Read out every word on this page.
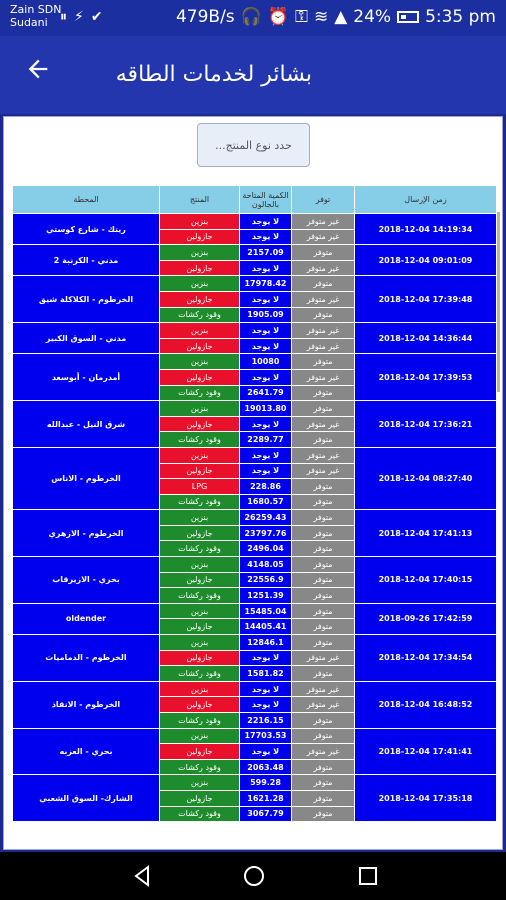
Zain SDN
Sudani ⏸ ⚡ ✔	479B/s 🎧 ⏰ ⚿ ≋ ▲ 24% 5:35 pm
بشائر لخدمات الطاقه
حدد نوع المنتج...
المحطة	المنتج	الكمية المتاحة بالجالون	توفر	زمن الإرسال
ريتك - شارع كوستي	بنزين	لا يوجد	غير متوفر	2018-12-04 14:19:34
	جازولين	لا يوجد	غير متوفر	
مدني - الكرنبة 2	بنزين	2157.09	متوفر	2018-12-04 09:01:09
	جازولين	لا يوجد	غير متوفر	
الخرطوم - الكلاكلة شيق	بنزين	17978.42	متوفر	2018-12-04 17:39:48
	جازولين	لا يوجد	غير متوفر	
	وقود ركشات	1905.09	متوفر	
مدني - السوق الكبير	بنزين	لا يوجد	غير متوفر	2018-12-04 14:36:44
	جازولين	لا يوجد	غير متوفر	
أمدرمان - أبوسعد	بنزين	10080	متوفر	2018-12-04 17:39:53
	جازولين	لا يوجد	غير متوفر	
	وقود ركشات	2641.79	متوفر	
شرق النيل - عبدالله	بنزين	19013.80	متوفر	2018-12-04 17:36:21
	جازولين	لا يوجد	غير متوفر	
	وقود ركشات	2289.77	متوفر	
الخرطوم - الاناس	بنزين	لا يوجد	غير متوفر	2018-12-04 08:27:40
	جازولين	لا يوجد	غير متوفر	
	LPG	228.86	متوفر	
	وقود ركشات	1680.57	متوفر	
الخرطوم - الازهري	بنزين	26259.43	متوفر	2018-12-04 17:41:13
	جازولين	23797.76	متوفر	
	وقود ركشات	2496.04	متوفر	
بحري - الازيرقاب	بنزين	4148.05	متوفر	2018-12-04 17:40:15
	جازولين	22556.9	متوفر	
	وقود ركشات	1251.39	متوفر	
oldender	بنزين	15485.04	متوفر	2018-09-26 17:42:59
	جازولين	14405.41	متوفر	
الخرطوم - الدماميات	بنزين	12846.1	متوفر	2018-12-04 17:34:54
	جازولين	لا يوجد	غير متوفر	
	وقود ركشات	1581.82	متوفر	
الخرطوم - الانقاذ	بنزين	لا يوجد	غير متوفر	2018-12-04 16:48:52
	جازولين	لا يوجد	غير متوفر	
	وقود ركشات	2216.15	متوفر	
بحري - العزبه	بنزين	17703.53	متوفر	2018-12-04 17:41:41
	جازولين	لا يوجد	غير متوفر	
	وقود ركشات	2063.48	متوفر	
الشارك- السوق الشعبي	بنزين	599.28	متوفر	2018-12-04 17:35:18
	جازولين	1621.28	متوفر	
	وقود ركشات	3067.79	متوفر	
